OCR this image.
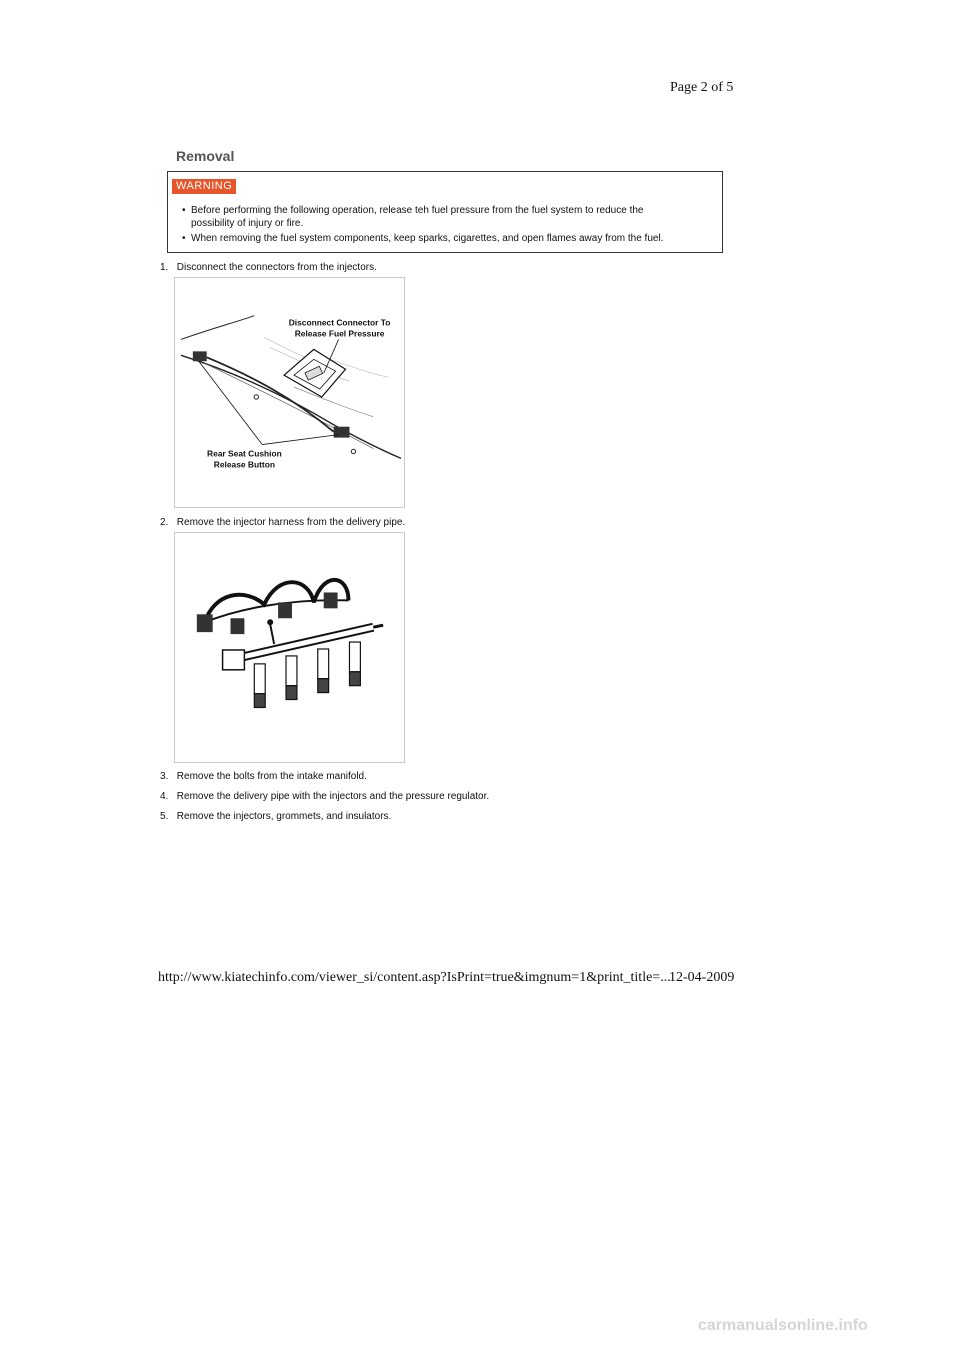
Page 2 of 5
Removal
WARNING
• Before performing the following operation, release teh fuel pressure from the fuel system to reduce the
possibility of injury or fire.
• When removing the fuel system components, keep sparks, cigarettes, and open flames away from the fuel.
1. Disconnect the connectors from the injectors.
Disconnect Connector To
Release Fuel Pressure
Rear Seat Cushion
Release Button
2. Remove the injector harness from the delivery pipe.
3. Remove the bolts from the intake manifold.
4. Remove the delivery pipe with the injectors and the pressure regulator.
5. Remove the injectors, grommets, and insulators.
http://www.kiatechinfo.com/viewer_si/content.asp?IsPrint=true&imgnum=1&print_title=...
12-04-2009
carmanualsonline.info
